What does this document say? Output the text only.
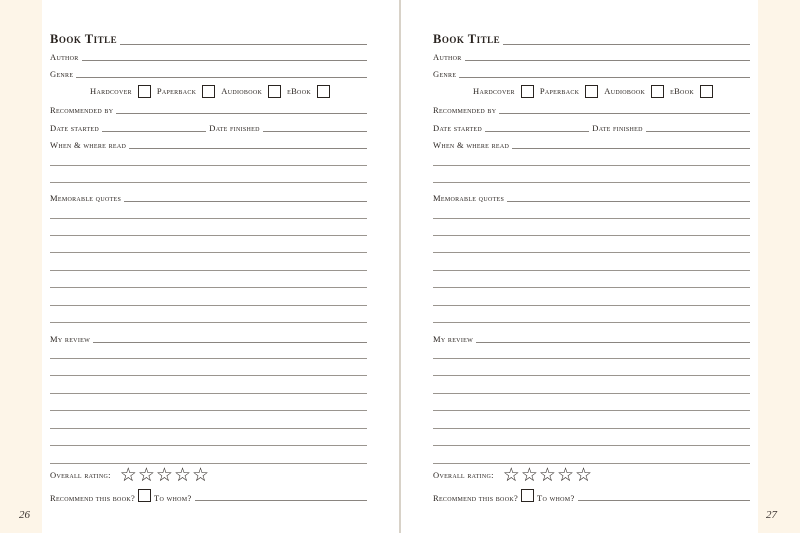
Book Title
Author
Genre
Hardcover	Paperback	Audiobook	eBook
Recommended by
Date started	Date finished
When & where read
Memorable quotes
My review
Overall rating: ☆ ☆ ☆ ☆ ☆
Recommend this book?	To whom?
Book Title
Author
Genre
Hardcover	Paperback	Audiobook	eBook
Recommended by
Date started	Date finished
When & where read
Memorable quotes
My review
Overall rating: ☆ ☆ ☆ ☆ ☆
Recommend this book?	To whom?
26	27
